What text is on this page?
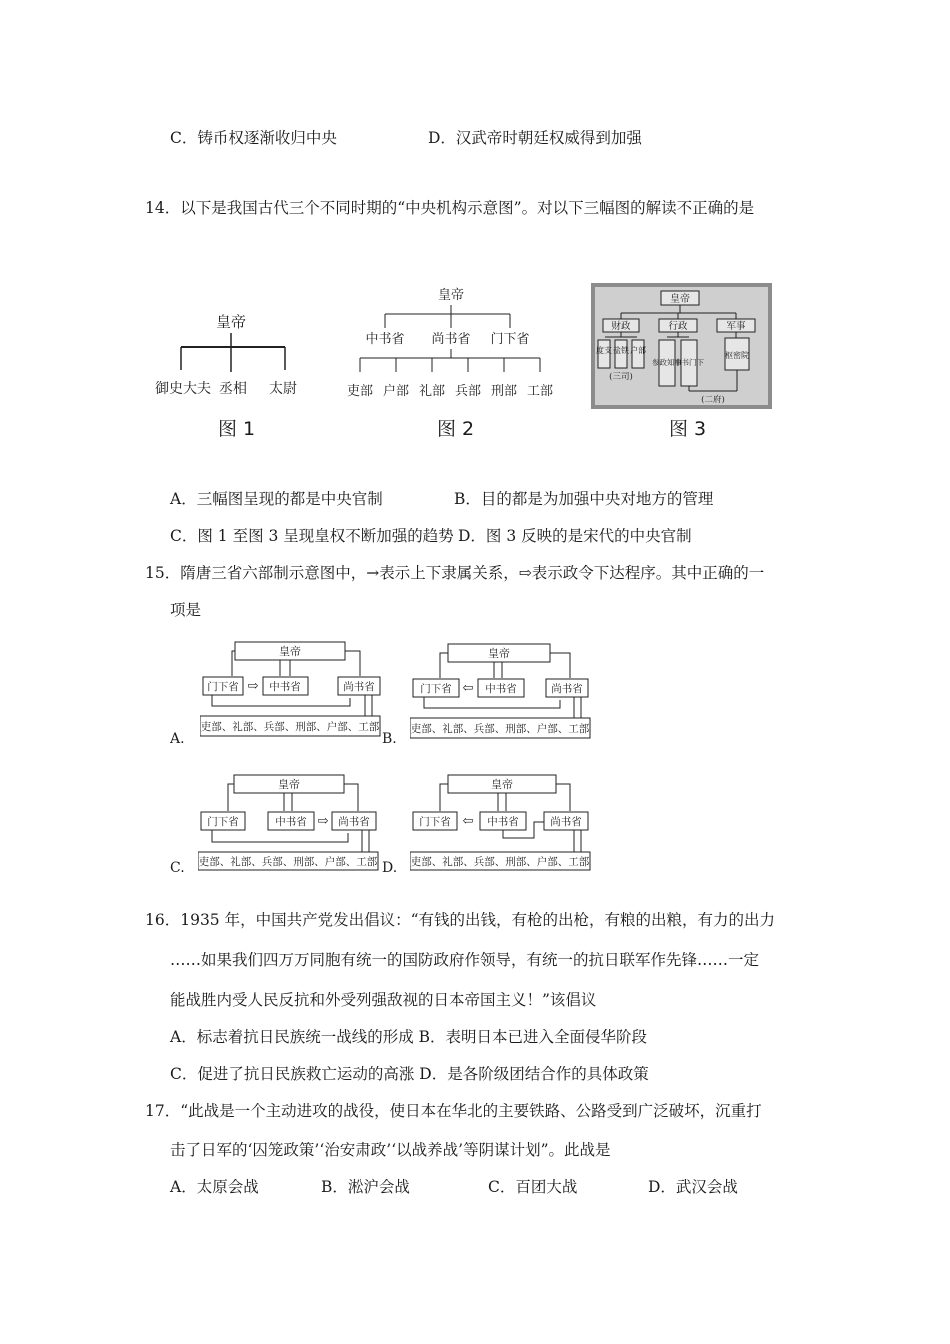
C．铸币权逐渐收归中央	D．汉武帝时朝廷权威得到加强
14．以下是我国古代三个不同时期的“中央机构示意图”。对以下三幅图的解读不正确的是
皇帝
御史大夫 丞相 太尉
图 1
皇帝
中书省 尚书省 门下省
吏部 户部 礼部 兵部 刑部 工部
图 2
皇帝
财政	行政	军事
度支 盐铁 户部
(三司)
参政知事
中书门下
枢密院
(二府)
图 3
A．三幅图呈现的都是中央官制	B．目的都是为加强中央对地方的管理
C．图 1 至图 3 呈现皇权不断加强的趋势 D．图 3 反映的是宋代的中央官制
15．隋唐三省六部制示意图中，→表示上下隶属关系，⇨表示政令下达程序。其中正确的一
项是
皇帝
门下省	中书省	尚书省
⇨
吏部、礼部、兵部、刑部、户部、工部
A.
皇帝
门下省	中书省	尚书省
⇦
吏部、礼部、兵部、刑部、户部、工部
B.
皇帝
门下省	中书省	尚书省
⇨
吏部、礼部、兵部、刑部、户部、工部
C.
皇帝
门下省	中书省	尚书省
⇦
吏部、礼部、兵部、刑部、户部、工部
D.
16．1935 年，中国共产党发出倡议：“有钱的出钱，有枪的出枪，有粮的出粮，有力的出力
……如果我们四万万同胞有统一的国防政府作领导，有统一的抗日联军作先锋……一定
能战胜内受人民反抗和外受列强敌视的日本帝国主义！”该倡议
A．标志着抗日民族统一战线的形成 B．表明日本已进入全面侵华阶段
C．促进了抗日民族救亡运动的高涨 D．是各阶级团结合作的具体政策
17．“此战是一个主动进攻的战役，使日本在华北的主要铁路、公路受到广泛破坏，沉重打
击了日军的‘囚笼政策’‘治安肃政’‘以战养战’等阴谋计划”。此战是
A．太原会战	B．淞沪会战	C．百团大战	D．武汉会战
